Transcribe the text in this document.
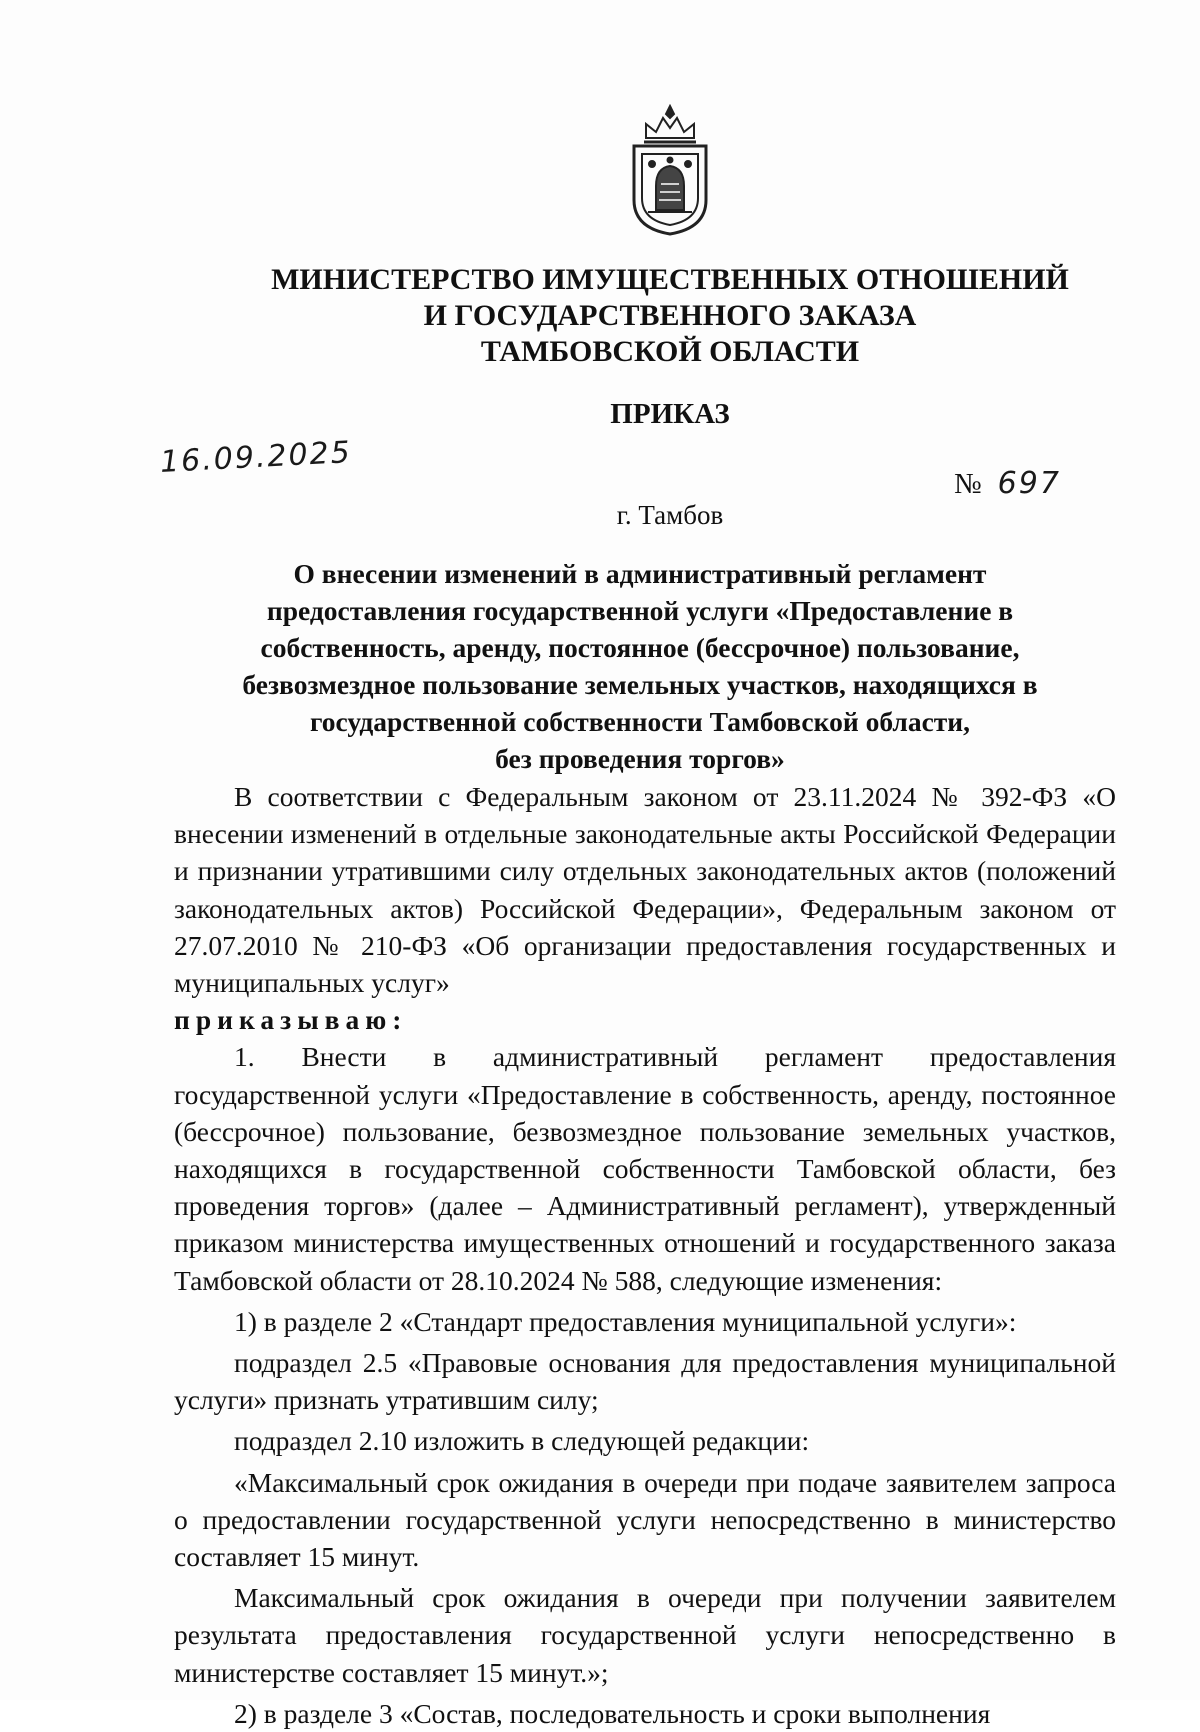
МИНИСТЕРСТВО ИМУЩЕСТВЕННЫХ ОТНОШЕНИЙ
И ГОСУДАРСТВЕННОГО ЗАКАЗА
ТАМБОВСКОЙ ОБЛАСТИ
ПРИКАЗ
16.09.2025
№ 697
г. Тамбов
О внесении изменений в административный регламент
предоставления государственной услуги «Предоставление в
собственность, аренду, постоянное (бессрочное) пользование,
безвозмездное пользование земельных участков, находящихся в
государственной собственности Тамбовской области,
без проведения торгов»

В соответствии с Федеральным законом от 23.11.2024 № 392-ФЗ «О внесении изменений в отдельные законодательные акты Российской Федерации и признании утратившими силу отдельных законодательных актов (положений законодательных актов) Российской Федерации», Федеральным законом от 27.07.2010 № 210-ФЗ «Об организации предоставления государственных и муниципальных услуг»

приказываю:

1. Внести в административный регламент предоставления государственной услуги «Предоставление в собственность, аренду, постоянное (бессрочное) пользование, безвозмездное пользование земельных участков, находящихся в государственной собственности Тамбовской области, без проведения торгов» (далее – Административный регламент), утвержденный приказом министерства имущественных отношений и государственного заказа Тамбовской области от 28.10.2024 № 588, следующие изменения:

1) в разделе 2 «Стандарт предоставления муниципальной услуги»:

подраздел 2.5 «Правовые основания для предоставления муниципальной услуги» признать утратившим силу;

подраздел 2.10 изложить в следующей редакции:

«Максимальный срок ожидания в очереди при подаче заявителем запроса о предоставлении государственной услуги непосредственно в министерство составляет 15 минут.

Максимальный срок ожидания в очереди при получении заявителем результата предоставления государственной услуги непосредственно в министерстве составляет 15 минут.»;

2) в разделе 3 «Состав, последовательность и сроки выполнения
